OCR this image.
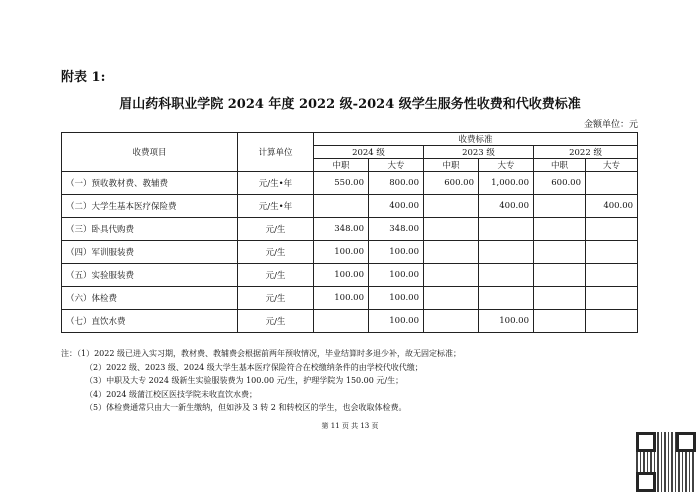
附表 1:
眉山药科职业学院 2024 年度 2022 级-2024 级学生服务性收费和代收费标准
金额单位：元
收费项目	计算单位	收费标准					
		2024 级		2023 级		2022 级	
		中职	大专	中职	大专	中职	大专
（一）预收教材费、教辅费	元/生•年	550.00	800.00	600.00	1,000.00	600.00	
（二）大学生基本医疗保险费	元/生•年		400.00		400.00		400.00
（三）卧具代购费	元/生	348.00	348.00				
（四）军训服装费	元/生	100.00	100.00				
（五）实验服装费	元/生	100.00	100.00				
（六）体检费	元/生	100.00	100.00				
（七）直饮水费	元/生		100.00		100.00		
注：（1）2022 级已进入实习期，教材费、教辅费会根据前两年预收情况，毕业结算时多退少补，故无固定标准；
（2）2022 级、2023 级、2024 级大学生基本医疗保险符合在校缴纳条件的由学校代收代缴；
（3）中职及大专 2024 级新生实验服装费为 100.00 元/生，护理学院为 150.00 元/生；
（4）2024 级蒲江校区医技学院未收直饮水费；
（5）体检费通常只由大一新生缴纳，但如涉及 3 转 2 和转校区的学生，也会收取体检费。
第 11 页 共 13 页
